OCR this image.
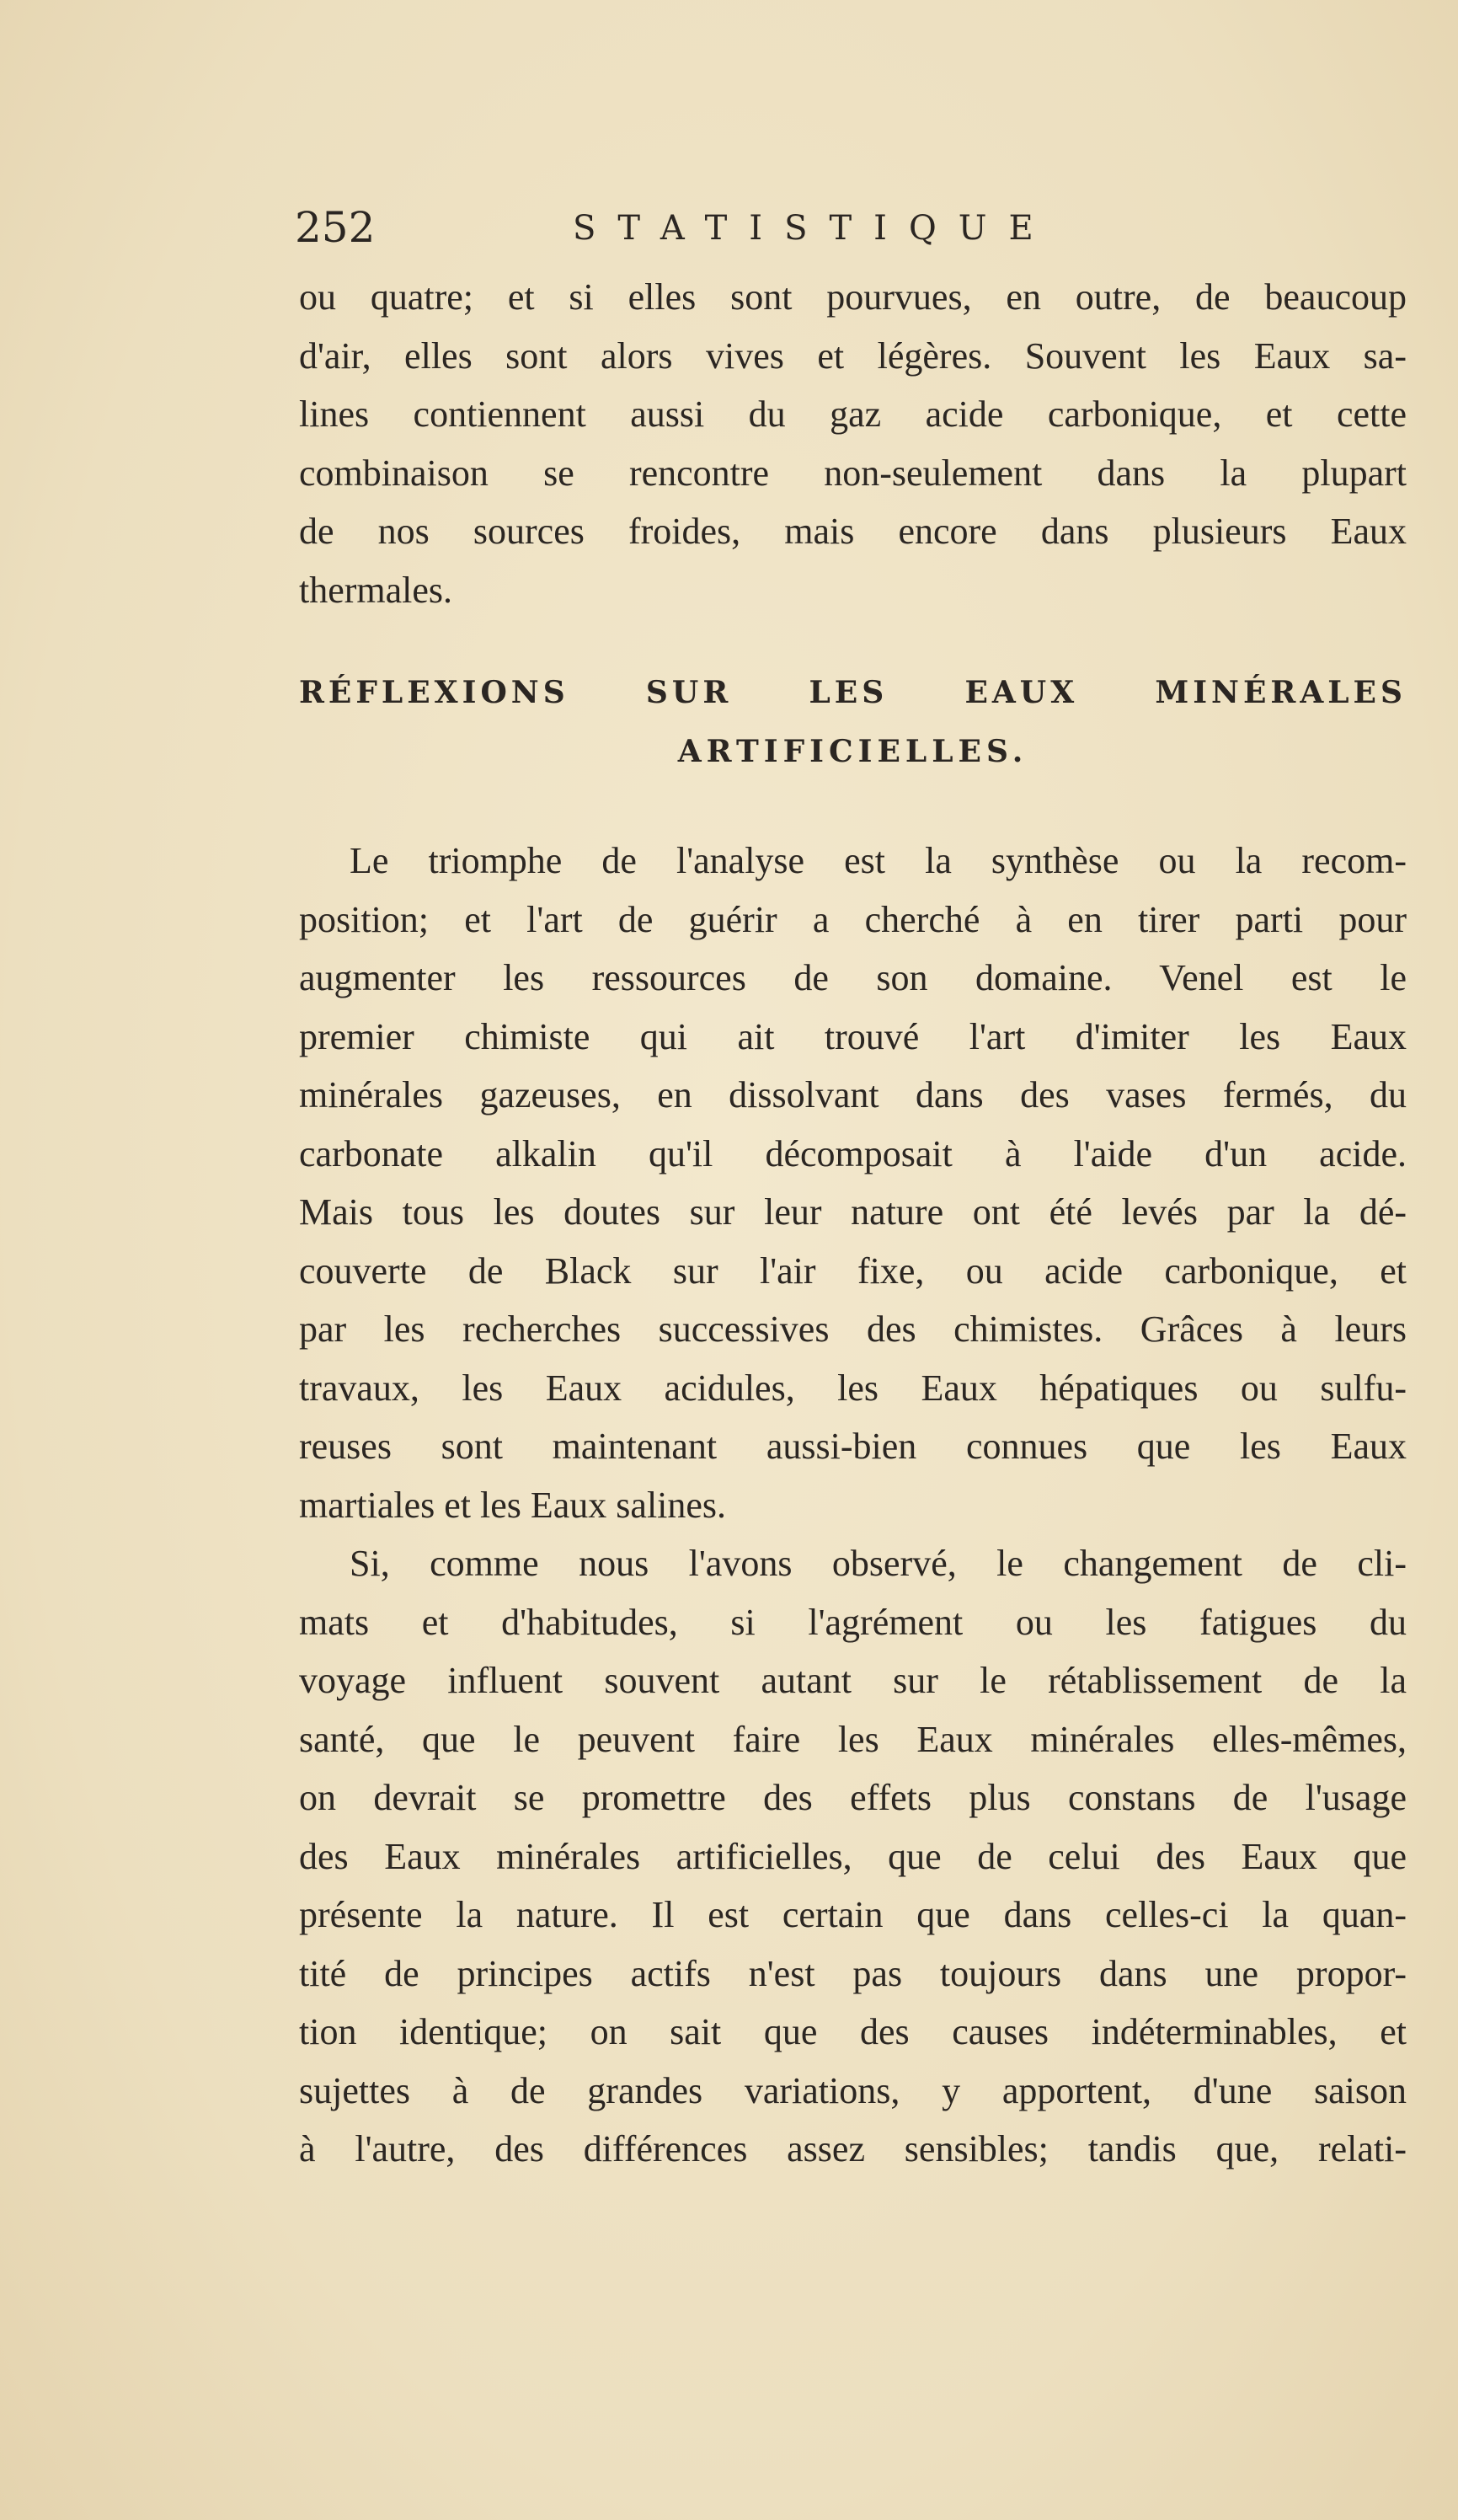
252	STATISTIQUE
ou quatre; et si elles sont pourvues, en outre, de beaucoup
d'air, elles sont alors vives et légères. Souvent les Eaux sa-
lines contiennent aussi du gaz acide carbonique, et cette
combinaison se rencontre non-seulement dans la plupart
de nos sources froides, mais encore dans plusieurs Eaux
thermales.
RÉFLEXIONS SUR LES EAUX MINÉRALES
ARTIFICIELLES.
Le triomphe de l'analyse est la synthèse ou la recom-
position; et l'art de guérir a cherché à en tirer parti pour
augmenter les ressources de son domaine. Venel est le
premier chimiste qui ait trouvé l'art d'imiter les Eaux
minérales gazeuses, en dissolvant dans des vases fermés, du
carbonate alkalin qu'il décomposait à l'aide d'un acide.
Mais tous les doutes sur leur nature ont été levés par la dé-
couverte de Black sur l'air fixe, ou acide carbonique, et
par les recherches successives des chimistes. Grâces à leurs
travaux, les Eaux acidules, les Eaux hépatiques ou sulfu-
reuses sont maintenant aussi-bien connues que les Eaux
martiales et les Eaux salines.
Si, comme nous l'avons observé, le changement de cli-
mats et d'habitudes, si l'agrément ou les fatigues du
voyage influent souvent autant sur le rétablissement de la
santé, que le peuvent faire les Eaux minérales elles-mêmes,
on devrait se promettre des effets plus constans de l'usage
des Eaux minérales artificielles, que de celui des Eaux que
présente la nature. Il est certain que dans celles-ci la quan-
tité de principes actifs n'est pas toujours dans une propor-
tion identique; on sait que des causes indéterminables, et
sujettes à de grandes variations, y apportent, d'une saison
à l'autre, des différences assez sensibles; tandis que, relati-
